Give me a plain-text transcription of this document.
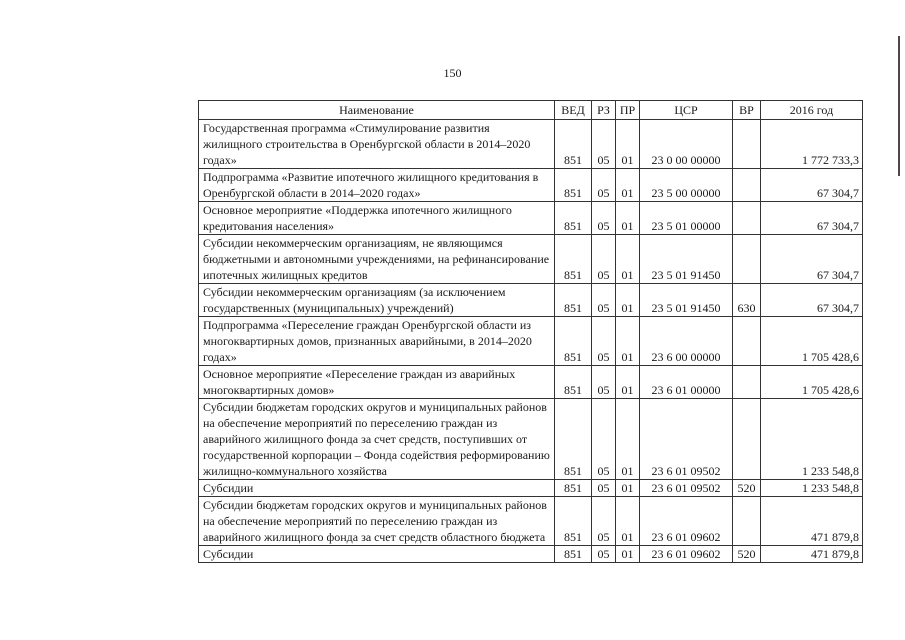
150
Наименование	ВЕД	РЗ	ПР	ЦСР	ВР	2016 год
Государственная программа «Стимулирование развития жилищного строительства в Оренбургской области в 2014–2020 годах»	851	05	01	23 0 00 00000		1 772 733,3
Подпрограмма «Развитие ипотечного жилищного кредитования в Оренбургской области в 2014–2020 годах»	851	05	01	23 5 00 00000		67 304,7
Основное мероприятие «Поддержка ипотечного жилищного кредитования населения»	851	05	01	23 5 01 00000		67 304,7
Субсидии некоммерческим организациям, не являющимся бюджетными и автономными учреждениями, на рефинансирование ипотечных жилищных кредитов	851	05	01	23 5 01 91450		67 304,7
Субсидии некоммерческим организациям (за исключением государственных (муниципальных) учреждений)	851	05	01	23 5 01 91450	630	67 304,7
Подпрограмма «Переселение граждан Оренбургской области из многоквартирных домов, признанных аварийными, в 2014–2020 годах»	851	05	01	23 6 00 00000		1 705 428,6
Основное мероприятие «Переселение граждан из аварийных многоквартирных домов»	851	05	01	23 6 01 00000		1 705 428,6
Субсидии бюджетам городских округов и муниципальных районов на обеспечение мероприятий по переселению граждан из аварийного жилищного фонда за счет средств, поступивших от государственной корпорации – Фонда содействия реформированию жилищно-коммунального хозяйства	851	05	01	23 6 01 09502		1 233 548,8
Субсидии	851	05	01	23 6 01 09502	520	1 233 548,8
Субсидии бюджетам городских округов и муниципальных районов на обеспечение мероприятий по переселению граждан из аварийного жилищного фонда за счет средств областного бюджета	851	05	01	23 6 01 09602		471 879,8
Субсидии	851	05	01	23 6 01 09602	520	471 879,8
